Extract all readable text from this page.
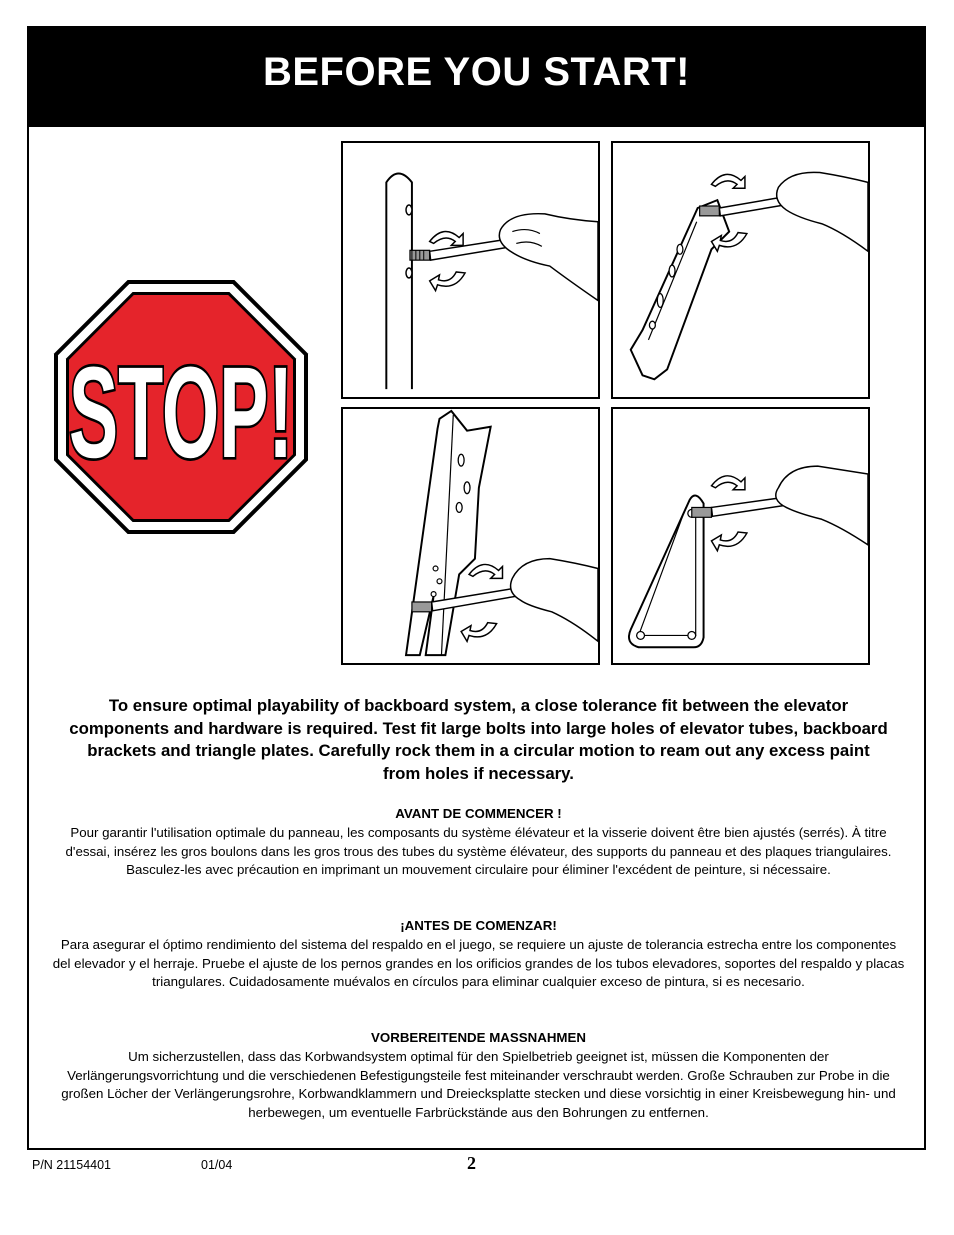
BEFORE YOU START!
STOP!
To ensure optimal playability of backboard system, a close tolerance fit between the elevator components and hardware is required. Test fit large bolts into large holes of elevator tubes, backboard brackets and triangle plates. Carefully rock them in a circular motion to ream out any excess paint from holes if necessary.
AVANT DE COMMENCER !
Pour garantir l'utilisation optimale du panneau, les composants du système élévateur et la visserie doivent être bien ajustés (serrés). À titre d'essai, insérez les gros boulons dans les gros trous des tubes du système élévateur, des supports du panneau et des plaques triangulaires. Basculez-les avec précaution en imprimant un mouvement circulaire pour éliminer l'excédent de peinture, si nécessaire.
¡ANTES DE COMENZAR!
Para asegurar el óptimo rendimiento del sistema del respaldo en el juego, se requiere un ajuste de tolerancia estrecha entre los componentes del elevador y el herraje. Pruebe el ajuste de los pernos grandes en los orificios grandes de los tubos elevadores, soportes del respaldo y placas triangulares. Cuidadosamente muévalos en círculos para eliminar cualquier exceso de pintura, si es necesario.
VORBEREITENDE MASSNAHMEN
Um sicherzustellen, dass das Korbwandsystem optimal für den Spielbetrieb geeignet ist, müssen die Komponenten der Verlängerungsvorrichtung und die verschiedenen Befestigungsteile fest miteinander verschraubt werden. Große Schrauben zur Probe in die großen Löcher der Verlängerungsrohre, Korbwandklammern und Dreiecksplatte stecken und diese vorsichtig in einer Kreisbewegung hin- und herbewegen, um eventuelle Farbrückstände aus den Bohrungen zu entfernen.
P/N 21154401	01/04	2
